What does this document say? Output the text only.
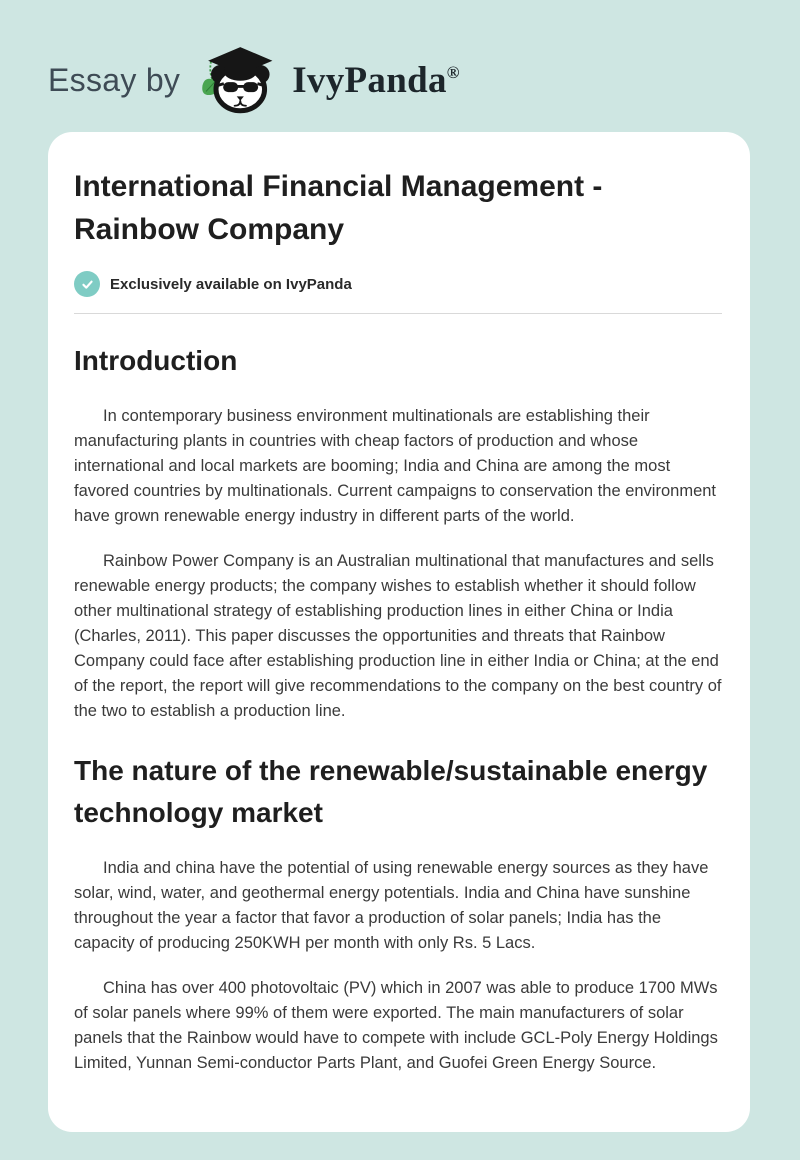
Essay by	IvyPanda®
International Financial Management - Rainbow Company
Exclusively available on IvyPanda
Introduction

In contemporary business environment multinationals are establishing their manufacturing plants in countries with cheap factors of production and whose international and local markets are booming; India and China are among the most favored countries by multinationals. Current campaigns to conservation the environment have grown renewable energy industry in different parts of the world.

Rainbow Power Company is an Australian multinational that manufactures and sells renewable energy products; the company wishes to establish whether it should follow other multinational strategy of establishing production lines in either China or India (Charles, 2011). This paper discusses the opportunities and threats that Rainbow Company could face after establishing production line in either India or China; at the end of the report, the report will give recommendations to the company on the best country of the two to establish a production line.

The nature of the renewable/sustainable energy technology market

India and china have the potential of using renewable energy sources as they have solar, wind, water, and geothermal energy potentials. India and China have sunshine throughout the year a factor that favor a production of solar panels; India has the capacity of producing 250KWH per month with only Rs. 5 Lacs.

China has over 400 photovoltaic (PV) which in 2007 was able to produce 1700 MWs of solar panels where 99% of them were exported. The main manufacturers of solar panels that the Rainbow would have to compete with include GCL-Poly Energy Holdings Limited, Yunnan Semi-conductor Parts Plant, and Guofei Green Energy Source.
